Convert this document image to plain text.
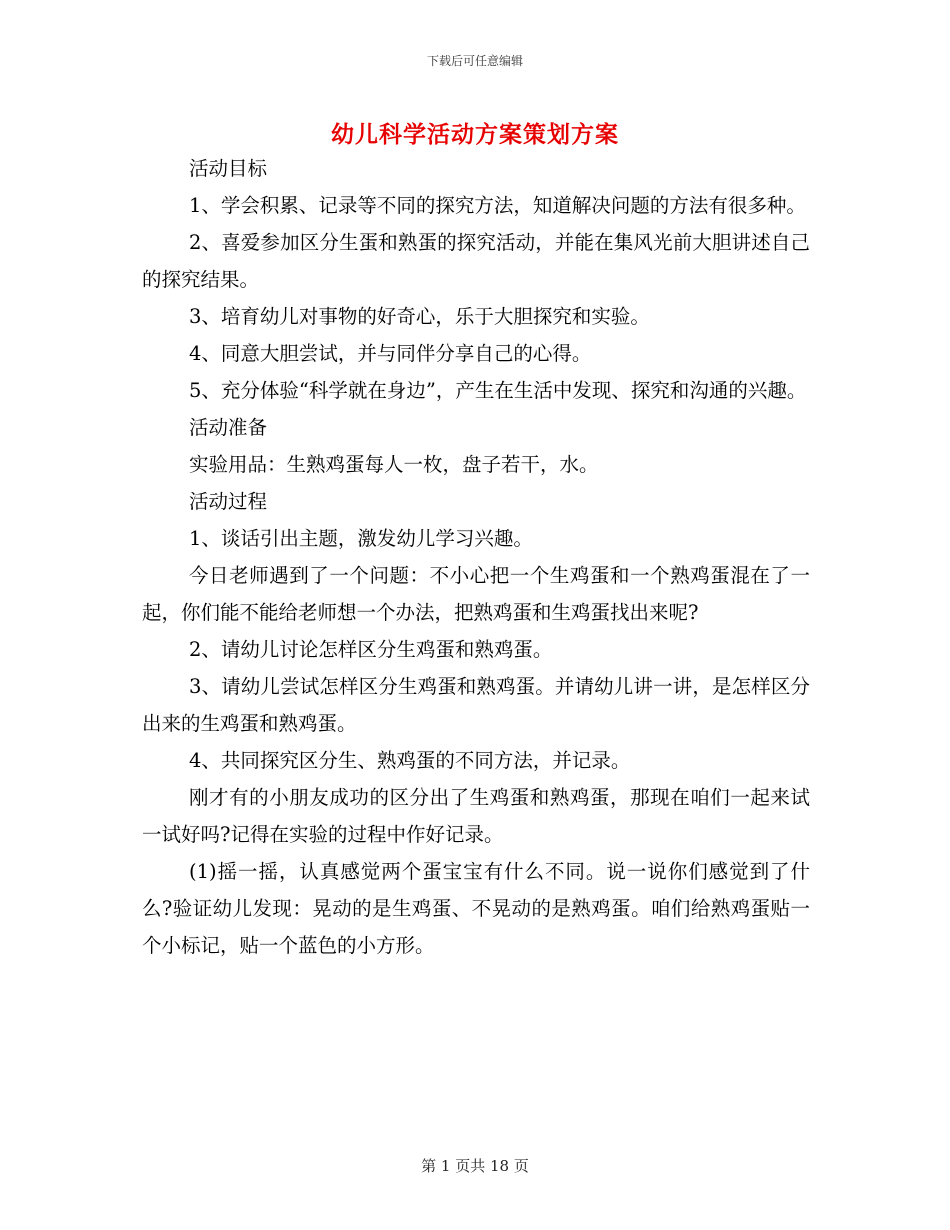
下载后可任意编辑
幼儿科学活动方案策划方案

活动目标

1、学会积累、记录等不同的探究方法，知道解决问题的方法有很多种。

2、喜爱参加区分生蛋和熟蛋的探究活动，并能在集风光前大胆讲述自己的探究结果。

3、培育幼儿对事物的好奇心，乐于大胆探究和实验。

4、同意大胆尝试，并与同伴分享自己的心得。

5、充分体验“科学就在身边”，产生在生活中发现、探究和沟通的兴趣。

活动准备

实验用品：生熟鸡蛋每人一枚，盘子若干，水。

活动过程

1、谈话引出主题，激发幼儿学习兴趣。

今日老师遇到了一个问题：不小心把一个生鸡蛋和一个熟鸡蛋混在了一起，你们能不能给老师想一个办法，把熟鸡蛋和生鸡蛋找出来呢?

2、请幼儿讨论怎样区分生鸡蛋和熟鸡蛋。

3、请幼儿尝试怎样区分生鸡蛋和熟鸡蛋。并请幼儿讲一讲，是怎样区分出来的生鸡蛋和熟鸡蛋。

4、共同探究区分生、熟鸡蛋的不同方法，并记录。

刚才有的小朋友成功的区分出了生鸡蛋和熟鸡蛋，那现在咱们一起来试一试好吗?记得在实验的过程中作好记录。

(1)摇一摇，认真感觉两个蛋宝宝有什么不同。说一说你们感觉到了什么?验证幼儿发现：晃动的是生鸡蛋、不晃动的是熟鸡蛋。咱们给熟鸡蛋贴一个小标记，贴一个蓝色的小方形。

第 1 页共 18 页
